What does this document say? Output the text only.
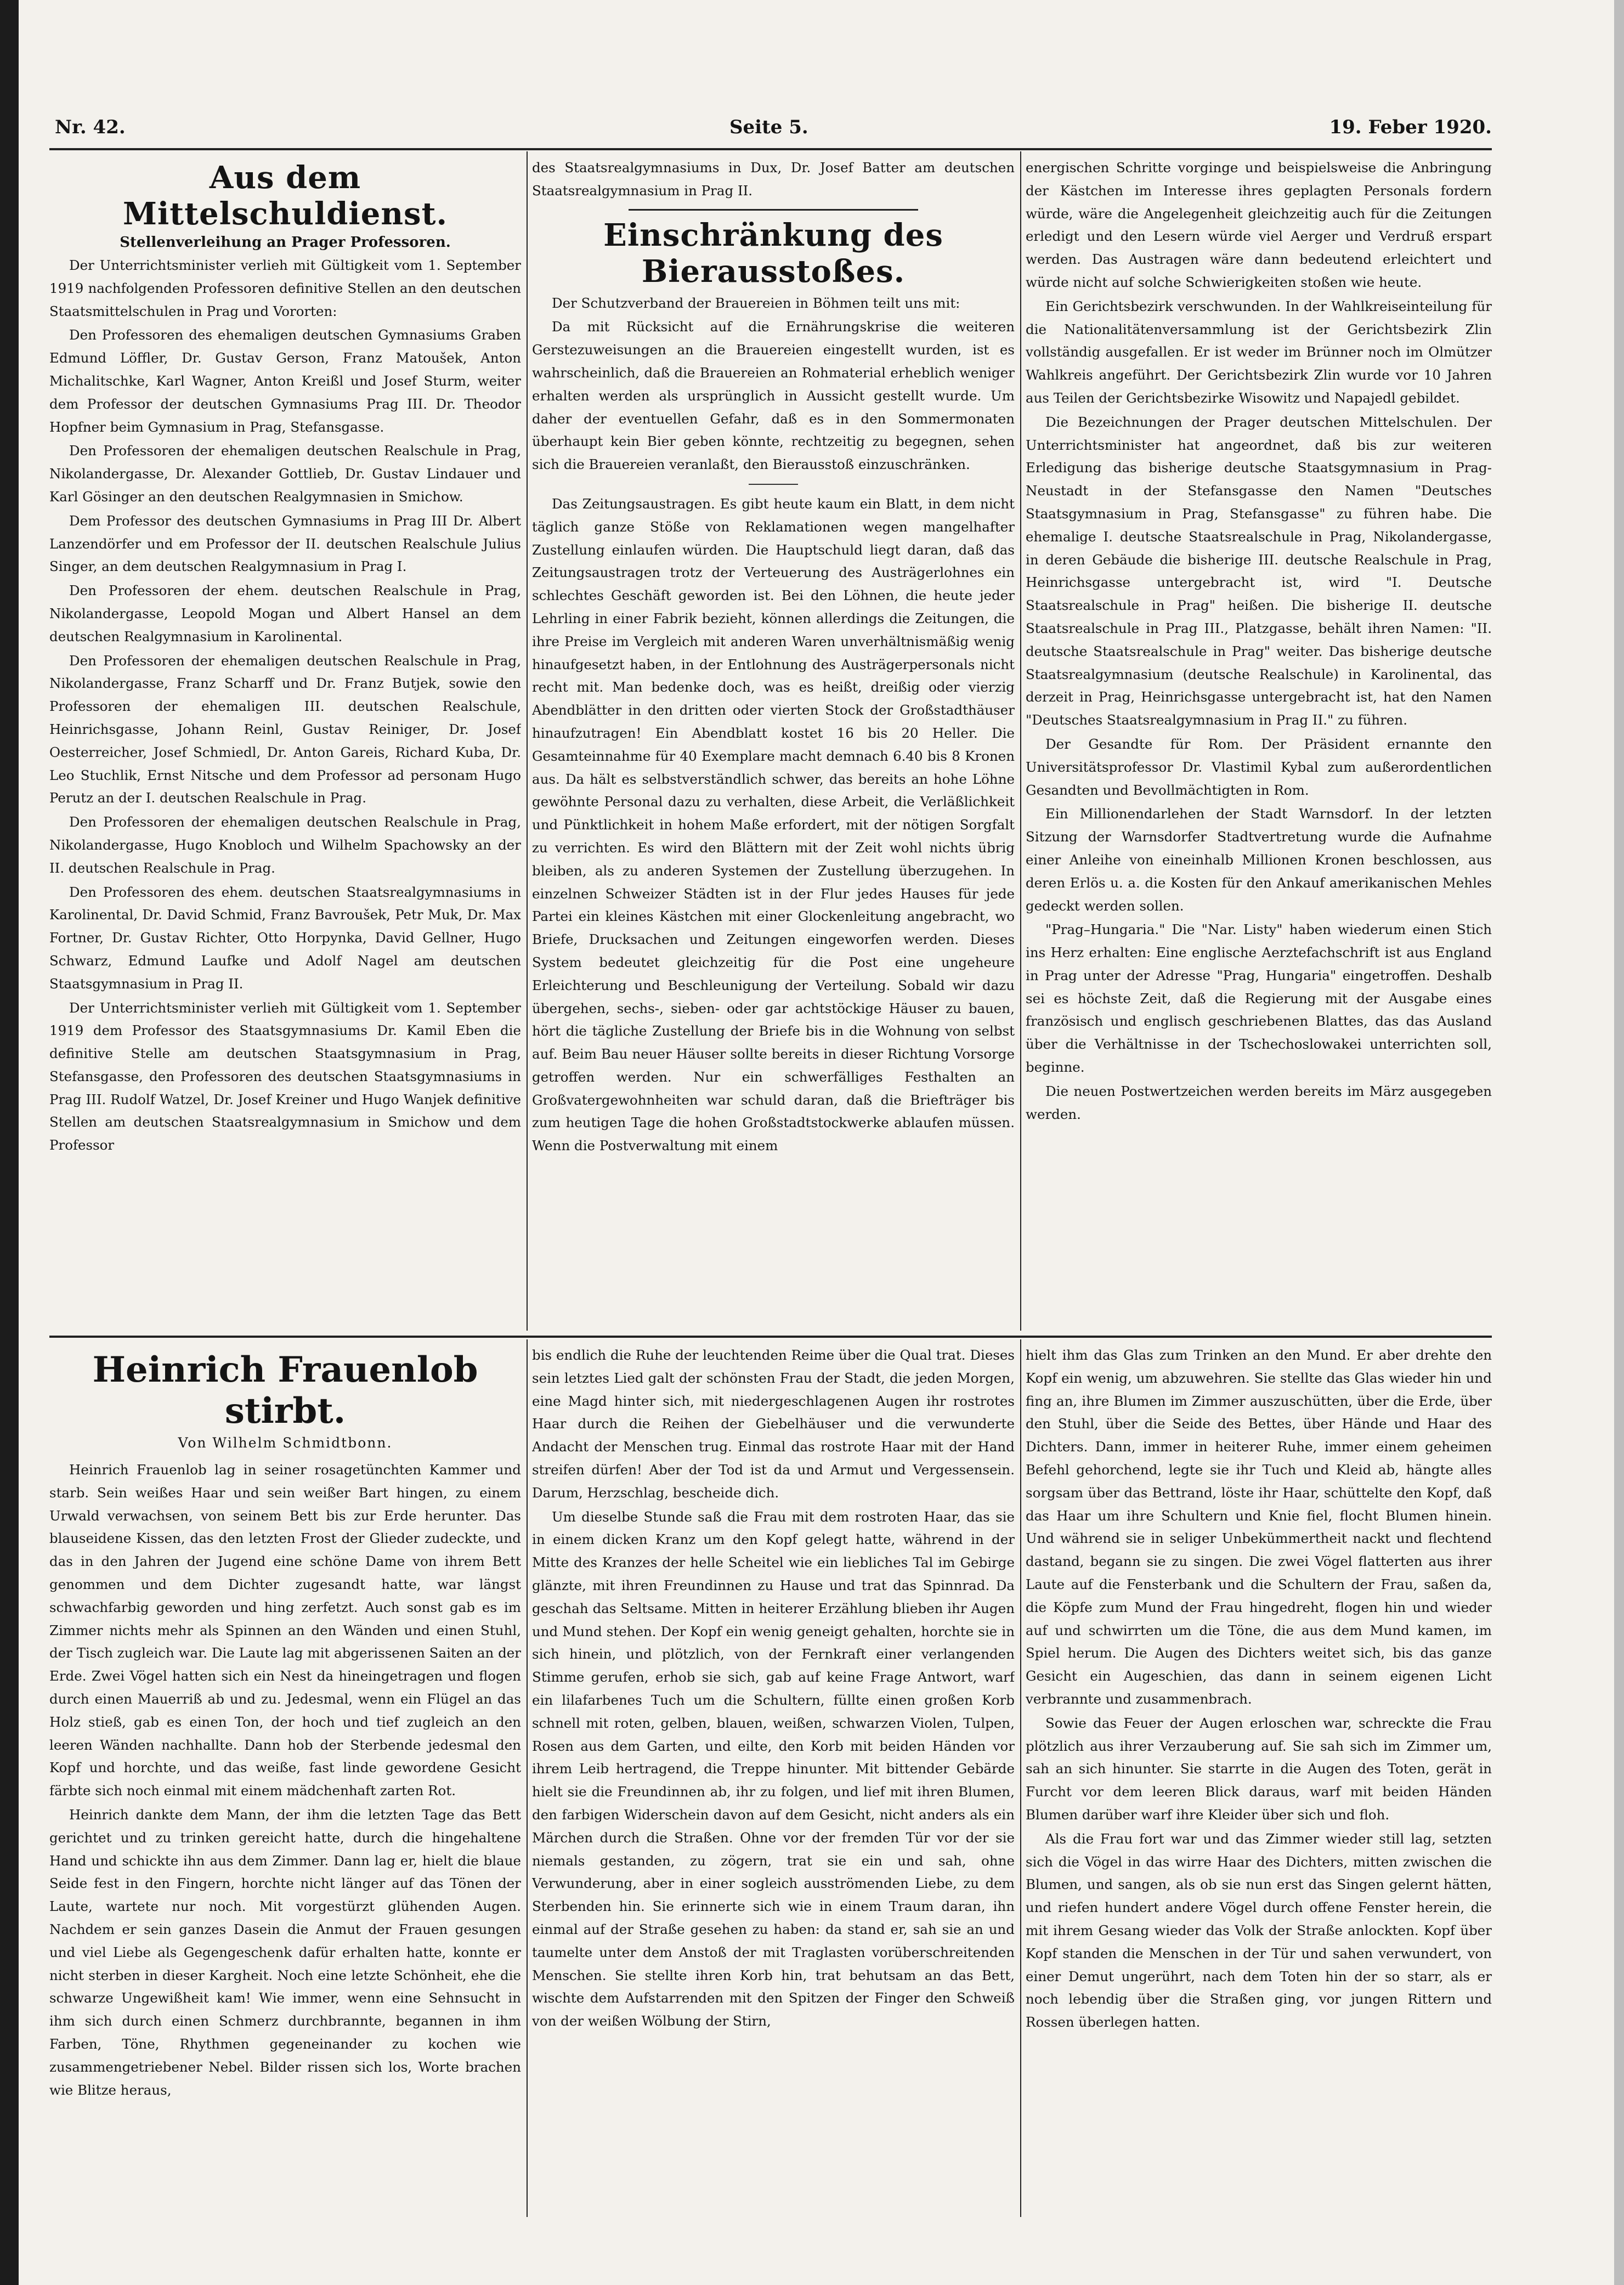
Nr. 42.	Seite 5.	19. Feber 1920.
Aus dem Mittelschuldienst.
Stellenverleihung an Prager Professoren.

Der Unterrichtsminister verlieh mit Gültigkeit vom 1. September 1919 nachfolgenden Professoren definitive Stellen an den deutschen Staatsmittelschulen in Prag und Vororten:

Den Professoren des ehemaligen deutschen Gymnasiums Graben Edmund Löffler, Dr. Gustav Gerson, Franz Matoušek, Anton Michalitschke, Karl Wagner, Anton Kreißl und Josef Sturm, weiter dem Professor der deutschen Gymnasiums Prag III. Dr. Theodor Hopfner beim Gymnasium in Prag, Stefansgasse.

Den Professoren der ehemaligen deutschen Realschule in Prag, Nikolandergasse, Dr. Alexander Gottlieb, Dr. Gustav Lindauer und Karl Gösinger an den deutschen Realgymnasien in Smichow.

Dem Professor des deutschen Gymnasiums in Prag III Dr. Albert Lanzendörfer und em Professor der II. deutschen Realschule Julius Singer, an dem deutschen Realgymnasium in Prag I.

Den Professoren der ehem. deutschen Realschule in Prag, Nikolandergasse, Leopold Mogan und Albert Hansel an dem deutschen Realgymnasium in Karolinental.

Den Professoren der ehemaligen deutschen Realschule in Prag, Nikolandergasse, Franz Scharff und Dr. Franz Butjek, sowie den Professoren der ehemaligen III. deutschen Realschule, Heinrichsgasse, Johann Reinl, Gustav Reiniger, Dr. Josef Oesterreicher, Josef Schmiedl, Dr. Anton Gareis, Richard Kuba, Dr. Leo Stuchlik, Ernst Nitsche und dem Professor ad personam Hugo Perutz an der I. deutschen Realschule in Prag.

Den Professoren der ehemaligen deutschen Realschule in Prag, Nikolandergasse, Hugo Knobloch und Wilhelm Spachowsky an der II. deutschen Realschule in Prag.

Den Professoren des ehem. deutschen Staatsrealgymnasiums in Karolinental, Dr. David Schmid, Franz Bavroušek, Petr Muk, Dr. Max Fortner, Dr. Gustav Richter, Otto Horpynka, David Gellner, Hugo Schwarz, Edmund Laufke und Adolf Nagel am deutschen Staatsgymnasium in Prag II.

Der Unterrichtsminister verlieh mit Gültigkeit vom 1. September 1919 dem Professor des Staatsgymnasiums Dr. Kamil Eben die definitive Stelle am deutschen Staatsgymnasium in Prag, Stefansgasse, den Professoren des deutschen Staatsgymnasiums in Prag III. Rudolf Watzel, Dr. Josef Kreiner und Hugo Wanjek definitive Stellen am deutschen Staatsrealgymnasium in Smichow und dem Professor

des Staatsrealgymnasiums in Dux, Dr. Josef Batter am deutschen Staatsrealgymnasium in Prag II.

Einschränkung des Bierausstoßes.

Der Schutzverband der Brauereien in Böhmen teilt uns mit:

Da mit Rücksicht auf die Ernährungskrise die weiteren Gerstezuweisungen an die Brauereien eingestellt wurden, ist es wahrscheinlich, daß die Brauereien an Rohmaterial erheblich weniger erhalten werden als ursprünglich in Aussicht gestellt wurde. Um daher der eventuellen Gefahr, daß es in den Sommermonaten überhaupt kein Bier geben könnte, rechtzeitig zu begegnen, sehen sich die Brauereien veranlaßt, den Bierausstoß einzuschränken.

Das Zeitungsaustragen. Es gibt heute kaum ein Blatt, in dem nicht täglich ganze Stöße von Reklamationen wegen mangelhafter Zustellung einlaufen würden. Die Hauptschuld liegt daran, daß das Zeitungsaustragen trotz der Verteuerung des Austrägerlohnes ein schlechtes Geschäft geworden ist. Bei den Löhnen, die heute jeder Lehrling in einer Fabrik bezieht, können allerdings die Zeitungen, die ihre Preise im Vergleich mit anderen Waren unverhältnismäßig wenig hinaufgesetzt haben, in der Entlohnung des Austrägerpersonals nicht recht mit. Man bedenke doch, was es heißt, dreißig oder vierzig Abendblätter in den dritten oder vierten Stock der Großstadthäuser hinaufzutragen! Ein Abendblatt kostet 16 bis 20 Heller. Die Gesamteinnahme für 40 Exemplare macht demnach 6.40 bis 8 Kronen aus. Da hält es selbstverständlich schwer, das bereits an hohe Löhne gewöhnte Personal dazu zu verhalten, diese Arbeit, die Verläßlichkeit und Pünktlichkeit in hohem Maße erfordert, mit der nötigen Sorgfalt zu verrichten. Es wird den Blättern mit der Zeit wohl nichts übrig bleiben, als zu anderen Systemen der Zustellung überzugehen. In einzelnen Schweizer Städten ist in der Flur jedes Hauses für jede Partei ein kleines Kästchen mit einer Glockenleitung angebracht, wo Briefe, Drucksachen und Zeitungen eingeworfen werden. Dieses System bedeutet gleichzeitig für die Post eine ungeheure Erleichterung und Beschleunigung der Verteilung. Sobald wir dazu übergehen, sechs-, sieben- oder gar achtstöckige Häuser zu bauen, hört die tägliche Zustellung der Briefe bis in die Wohnung von selbst auf. Beim Bau neuer Häuser sollte bereits in dieser Richtung Vorsorge getroffen werden. Nur ein schwerfälliges Festhalten an Großvatergewohnheiten war schuld daran, daß die Briefträger bis zum heutigen Tage die hohen Großstadtstockwerke ablaufen müssen. Wenn die Postverwaltung mit einem

energischen Schritte vorginge und beispielsweise die Anbringung der Kästchen im Interesse ihres geplagten Personals fordern würde, wäre die Angelegenheit gleichzeitig auch für die Zeitungen erledigt und den Lesern würde viel Aerger und Verdruß erspart werden. Das Austragen wäre dann bedeutend erleichtert und würde nicht auf solche Schwierigkeiten stoßen wie heute.

Ein Gerichtsbezirk verschwunden. In der Wahlkreiseinteilung für die Nationalitätenversammlung ist der Gerichtsbezirk Zlin vollständig ausgefallen. Er ist weder im Brünner noch im Olmützer Wahlkreis angeführt. Der Gerichtsbezirk Zlin wurde vor 10 Jahren aus Teilen der Gerichtsbezirke Wisowitz und Napajedl gebildet.

Die Bezeichnungen der Prager deutschen Mittelschulen. Der Unterrichtsminister hat angeordnet, daß bis zur weiteren Erledigung das bisherige deutsche Staatsgymnasium in Prag-Neustadt in der Stefansgasse den Namen "Deutsches Staatsgymnasium in Prag, Stefansgasse" zu führen habe. Die ehemalige I. deutsche Staatsrealschule in Prag, Nikolandergasse, in deren Gebäude die bisherige III. deutsche Realschule in Prag, Heinrichsgasse untergebracht ist, wird "I. Deutsche Staatsrealschule in Prag" heißen. Die bisherige II. deutsche Staatsrealschule in Prag III., Platzgasse, behält ihren Namen: "II. deutsche Staatsrealschule in Prag" weiter. Das bisherige deutsche Staatsrealgymnasium (deutsche Realschule) in Karolinental, das derzeit in Prag, Heinrichsgasse untergebracht ist, hat den Namen "Deutsches Staatsrealgymnasium in Prag II." zu führen.

Der Gesandte für Rom. Der Präsident ernannte den Universitätsprofessor Dr. Vlastimil Kybal zum außerordentlichen Gesandten und Bevollmächtigten in Rom.

Ein Millionendarlehen der Stadt Warnsdorf. In der letzten Sitzung der Warnsdorfer Stadtvertretung wurde die Aufnahme einer Anleihe von eineinhalb Millionen Kronen beschlossen, aus deren Erlös u. a. die Kosten für den Ankauf amerikanischen Mehles gedeckt werden sollen.

"Prag–Hungaria." Die "Nar. Listy" haben wiederum einen Stich ins Herz erhalten: Eine englische Aerztefachschrift ist aus England in Prag unter der Adresse "Prag, Hungaria" eingetroffen. Deshalb sei es höchste Zeit, daß die Regierung mit der Ausgabe eines französisch und englisch geschriebenen Blattes, das das Ausland über die Verhältnisse in der Tschechoslowakei unterrichten soll, beginne.

Die neuen Postwertzeichen werden bereits im März ausgegeben werden.

Heinrich Frauenlob stirbt.
Von Wilhelm Schmidtbonn.

Heinrich Frauenlob lag in seiner rosagetünchten Kammer und starb. Sein weißes Haar und sein weißer Bart hingen, zu einem Urwald verwachsen, von seinem Bett bis zur Erde herunter. Das blauseidene Kissen, das den letzten Frost der Glieder zudeckte, und das in den Jahren der Jugend eine schöne Dame von ihrem Bett genommen und dem Dichter zugesandt hatte, war längst schwachfarbig geworden und hing zerfetzt. Auch sonst gab es im Zimmer nichts mehr als Spinnen an den Wänden und einen Stuhl, der Tisch zugleich war. Die Laute lag mit abgerissenen Saiten an der Erde. Zwei Vögel hatten sich ein Nest da hineingetragen und flogen durch einen Mauerriß ab und zu. Jedesmal, wenn ein Flügel an das Holz stieß, gab es einen Ton, der hoch und tief zugleich an den leeren Wänden nachhallte. Dann hob der Sterbende jedesmal den Kopf und horchte, und das weiße, fast linde gewordene Gesicht färbte sich noch einmal mit einem mädchenhaft zarten Rot.

Heinrich dankte dem Mann, der ihm die letzten Tage das Bett gerichtet und zu trinken gereicht hatte, durch die hingehaltene Hand und schickte ihn aus dem Zimmer. Dann lag er, hielt die blaue Seide fest in den Fingern, horchte nicht länger auf das Tönen der Laute, wartete nur noch. Mit vorgestürzt glühenden Augen. Nachdem er sein ganzes Dasein die Anmut der Frauen gesungen und viel Liebe als Gegengeschenk dafür erhalten hatte, konnte er nicht sterben in dieser Kargheit. Noch eine letzte Schönheit, ehe die schwarze Ungewißheit kam! Wie immer, wenn eine Sehnsucht in ihm sich durch einen Schmerz durchbrannte, begannen in ihm Farben, Töne, Rhythmen gegeneinander zu kochen wie zusammengetriebener Nebel. Bilder rissen sich los, Worte brachen wie Blitze heraus,

bis endlich die Ruhe der leuchtenden Reime über die Qual trat. Dieses sein letztes Lied galt der schönsten Frau der Stadt, die jeden Morgen, eine Magd hinter sich, mit niedergeschlagenen Augen ihr rostrotes Haar durch die Reihen der Giebelhäuser und die verwunderte Andacht der Menschen trug. Einmal das rostrote Haar mit der Hand streifen dürfen! Aber der Tod ist da und Armut und Vergessensein. Darum, Herzschlag, bescheide dich.

Um dieselbe Stunde saß die Frau mit dem rostroten Haar, das sie in einem dicken Kranz um den Kopf gelegt hatte, während in der Mitte des Kranzes der helle Scheitel wie ein liebliches Tal im Gebirge glänzte, mit ihren Freundinnen zu Hause und trat das Spinnrad. Da geschah das Seltsame. Mitten in heiterer Erzählung blieben ihr Augen und Mund stehen. Der Kopf ein wenig geneigt gehalten, horchte sie in sich hinein, und plötzlich, von der Fernkraft einer verlangenden Stimme gerufen, erhob sie sich, gab auf keine Frage Antwort, warf ein lilafarbenes Tuch um die Schultern, füllte einen großen Korb schnell mit roten, gelben, blauen, weißen, schwarzen Violen, Tulpen, Rosen aus dem Garten, und eilte, den Korb mit beiden Händen vor ihrem Leib hertragend, die Treppe hinunter. Mit bittender Gebärde hielt sie die Freundinnen ab, ihr zu folgen, und lief mit ihren Blumen, den farbigen Widerschein davon auf dem Gesicht, nicht anders als ein Märchen durch die Straßen. Ohne vor der fremden Tür vor der sie niemals gestanden, zu zögern, trat sie ein und sah, ohne Verwunderung, aber in einer sogleich ausströmenden Liebe, zu dem Sterbenden hin. Sie erinnerte sich wie in einem Traum daran, ihn einmal auf der Straße gesehen zu haben: da stand er, sah sie an und taumelte unter dem Anstoß der mit Traglasten vorüberschreitenden Menschen. Sie stellte ihren Korb hin, trat behutsam an das Bett, wischte dem Aufstarrenden mit den Spitzen der Finger den Schweiß von der weißen Wölbung der Stirn,

hielt ihm das Glas zum Trinken an den Mund. Er aber drehte den Kopf ein wenig, um abzuwehren. Sie stellte das Glas wieder hin und fing an, ihre Blumen im Zimmer auszuschütten, über die Erde, über den Stuhl, über die Seide des Bettes, über Hände und Haar des Dichters. Dann, immer in heiterer Ruhe, immer einem geheimen Befehl gehorchend, legte sie ihr Tuch und Kleid ab, hängte alles sorgsam über das Bettrand, löste ihr Haar, schüttelte den Kopf, daß das Haar um ihre Schultern und Knie fiel, flocht Blumen hinein. Und während sie in seliger Unbekümmertheit nackt und flechtend dastand, begann sie zu singen. Die zwei Vögel flatterten aus ihrer Laute auf die Fensterbank und die Schultern der Frau, saßen da, die Köpfe zum Mund der Frau hingedreht, flogen hin und wieder auf und schwirrten um die Töne, die aus dem Mund kamen, im Spiel herum. Die Augen des Dichters weitet sich, bis das ganze Gesicht ein Augeschien, das dann in seinem eigenen Licht verbrannte und zusammenbrach.

Sowie das Feuer der Augen erloschen war, schreckte die Frau plötzlich aus ihrer Verzauberung auf. Sie sah sich im Zimmer um, sah an sich hinunter. Sie starrte in die Augen des Toten, gerät in Furcht vor dem leeren Blick daraus, warf mit beiden Händen Blumen darüber warf ihre Kleider über sich und floh.

Als die Frau fort war und das Zimmer wieder still lag, setzten sich die Vögel in das wirre Haar des Dichters, mitten zwischen die Blumen, und sangen, als ob sie nun erst das Singen gelernt hätten, und riefen hundert andere Vögel durch offene Fenster herein, die mit ihrem Gesang wieder das Volk der Straße anlockten. Kopf über Kopf standen die Menschen in der Tür und sahen verwundert, von einer Demut ungerührt, nach dem Toten hin der so starr, als er noch lebendig über die Straßen ging, vor jungen Rittern und Rossen überlegen hatten.
